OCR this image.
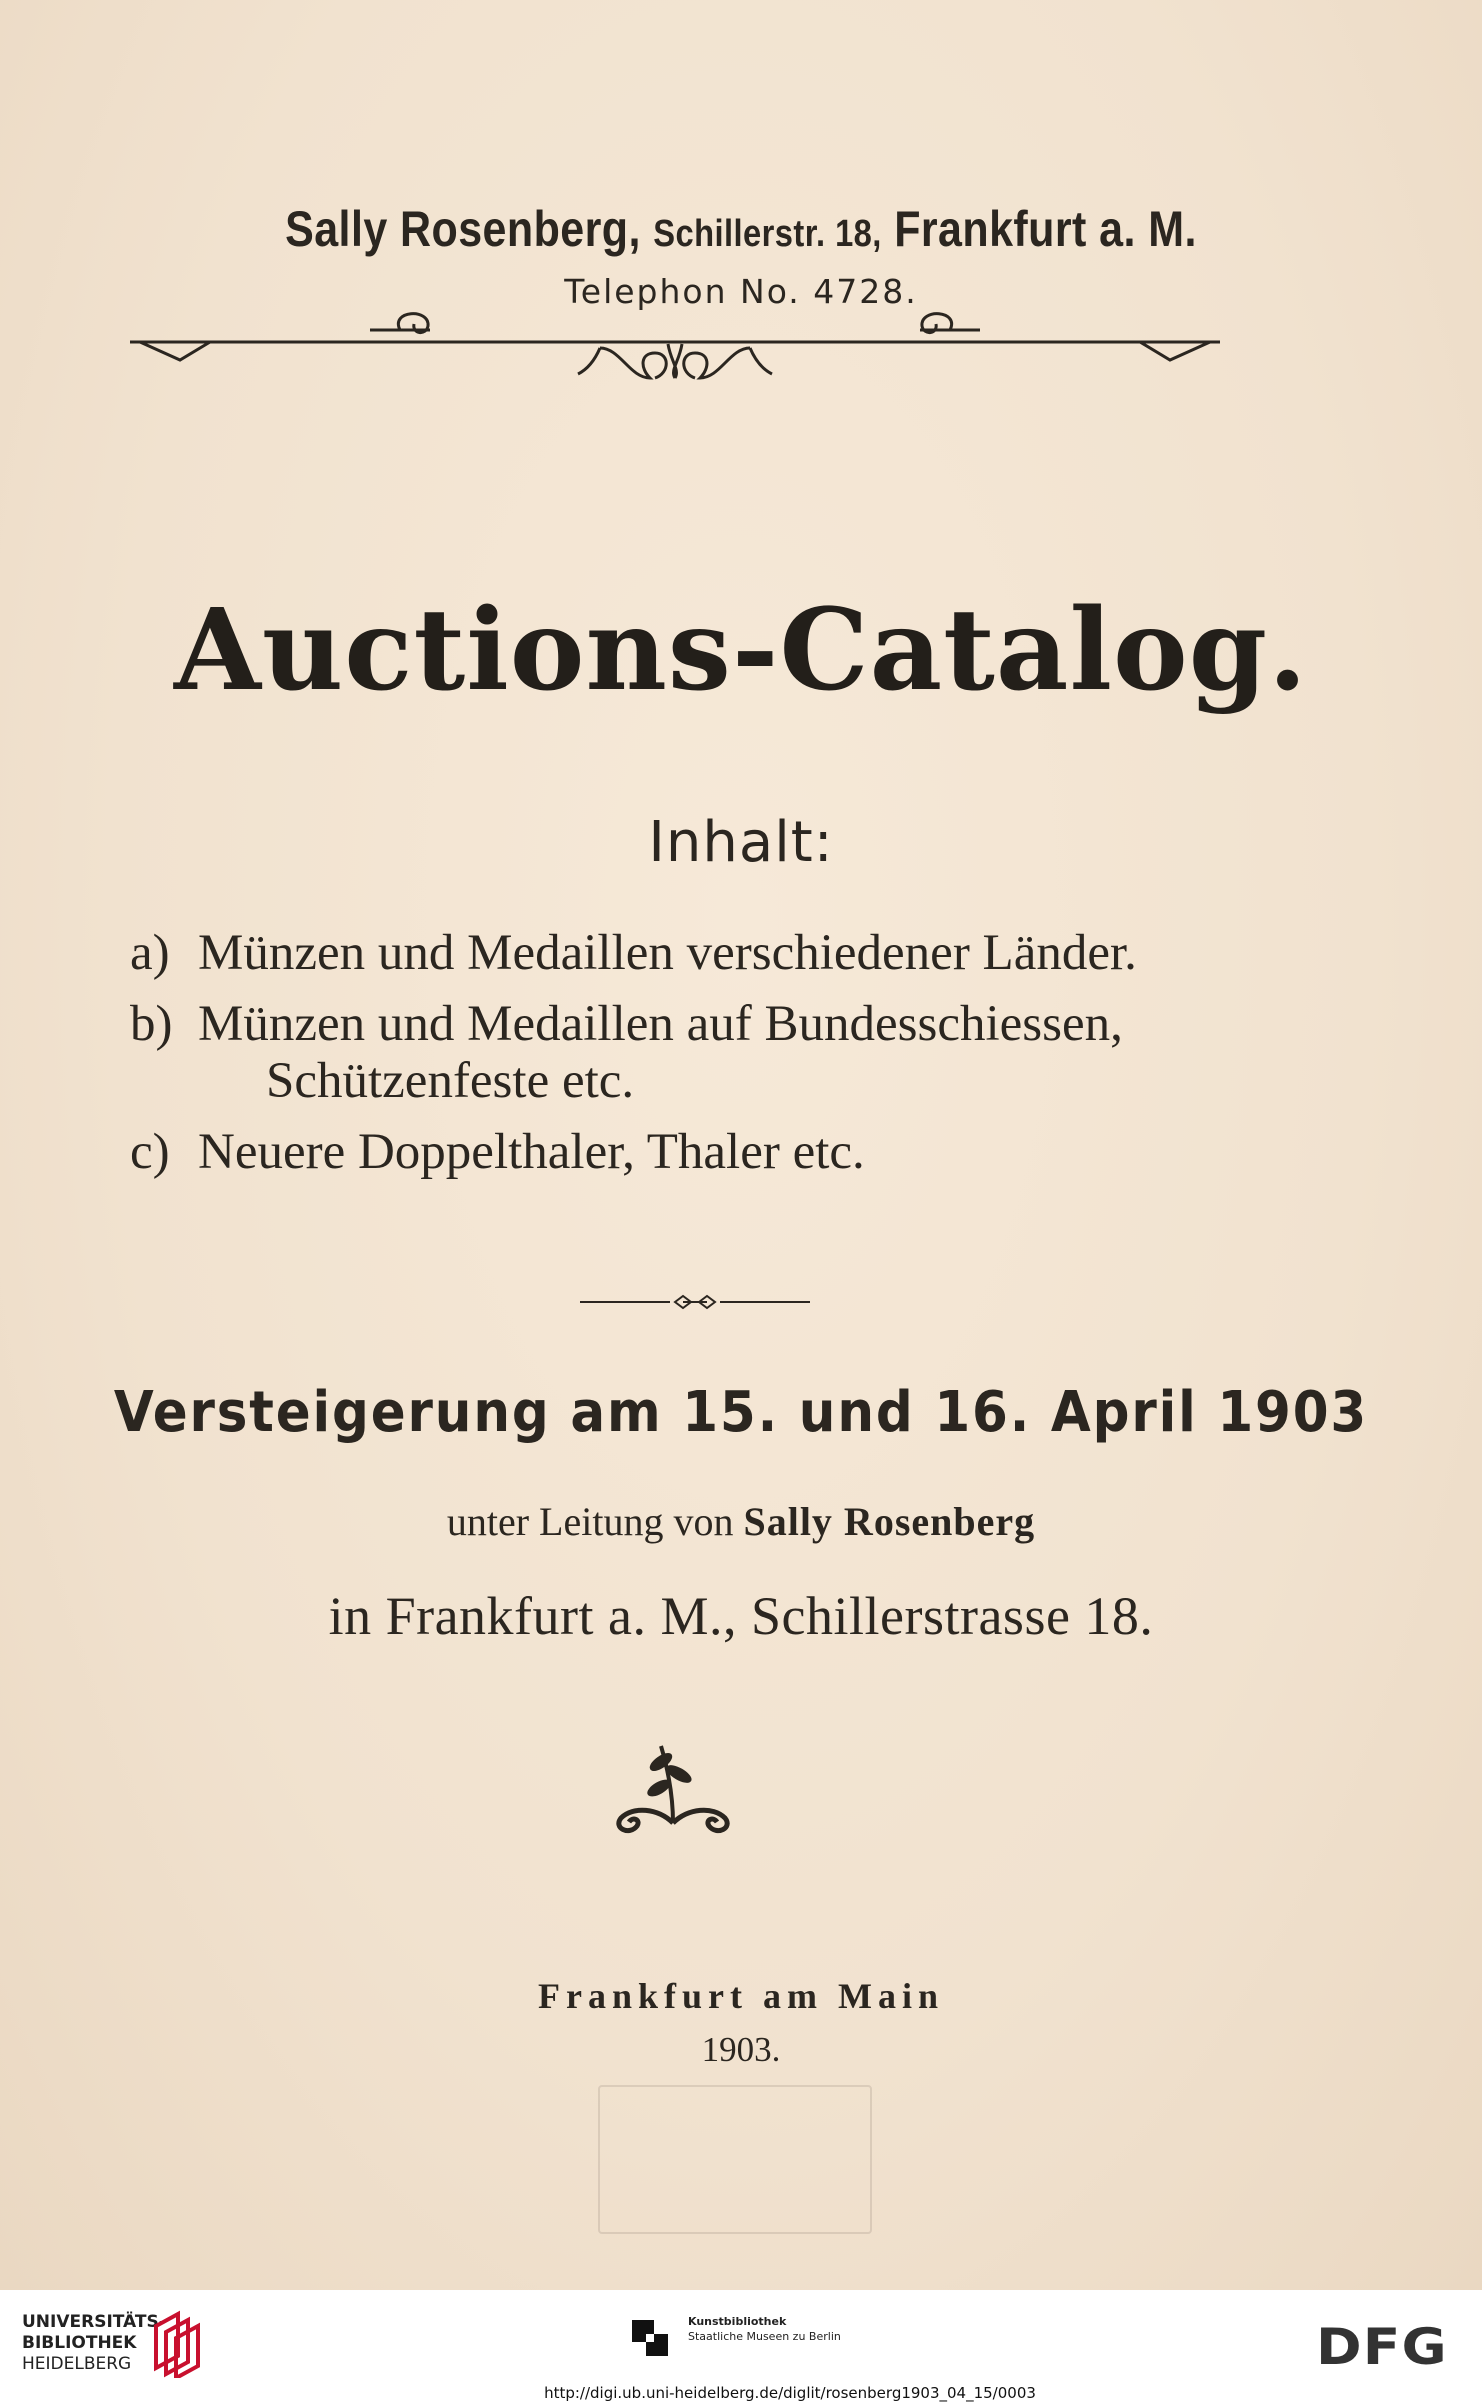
Sally Rosenberg, Schillerstr. 18, Frankfurt a. M.
Telephon No. 4728.
Auctions-Catalog.
Inhalt:
a) Münzen und Medaillen verschiedener Länder.
b) Münzen und Medaillen auf Bundesschiessen,
Schützenfeste etc.
c) Neuere Doppelthaler, Thaler etc.
Versteigerung am 15. und 16. April 1903
unter Leitung von Sally Rosenberg
in Frankfurt a. M., Schillerstrasse 18.
Frankfurt am Main
1903.
UNIVERSITÄTS-
BIBLIOTHEK
HEIDELBERG
Kunstbibliothek
Staatliche Museen zu Berlin	DFG
http://digi.ub.uni-heidelberg.de/diglit/rosenberg1903_04_15/0003
